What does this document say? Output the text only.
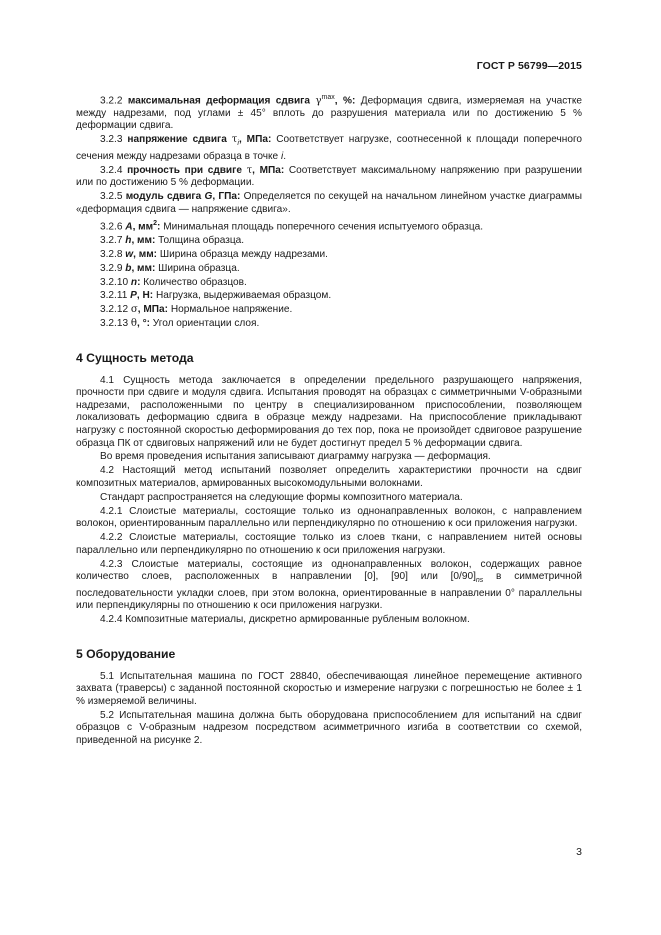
ГОСТ Р 56799—2015

3.2.2 максимальная деформация сдвига $\gamma^{max}$, %: Деформация сдвига, измеряемая на участке между надрезами, под углами ± 45° вплоть до разрушения материала или по достижению 5 % деформации сдвига.

3.2.3 напряжение сдвига $\tau_i$, МПа: Соответствует нагрузке, соотнесенной к площади поперечного сечения между надрезами образца в точке i.

3.2.4 прочность при сдвиге τ, МПа: Соответствует максимальному напряжению при разрушении или по достижению 5 % деформации.

3.2.5 модуль сдвига G, ГПа: Определяется по секущей на начальном линейном участке диаграммы «деформация сдвига — напряжение сдвига».

3.2.6 A, $мм^2$: Минимальная площадь поперечного сечения испытуемого образца.

3.2.7 h, мм: Толщина образца.

3.2.8 w, мм: Ширина образца между надрезами.

3.2.9 b, мм: Ширина образца.

3.2.10 n: Количество образцов.

3.2.11 P, Н: Нагрузка, выдерживаемая образцом.

3.2.12 σ, МПа: Нормальное напряжение.

3.2.13 θ, °: Угол ориентации слоя.

4 Сущность метода

4.1 Сущность метода заключается в определении предельного разрушающего напряжения, прочности при сдвиге и модуля сдвига. Испытания проводят на образцах с симметричными V-образными надрезами, расположенными по центру в специализированном приспособлении, позволяющем локализовать деформацию сдвига в образце между надрезами. На приспособление прикладывают нагрузку с постоянной скоростью деформирования до тех пор, пока не произойдет сдвиговое разрушение образца ПК от сдвиговых напряжений или не будет достигнут предел 5 % деформации сдвига.

Во время проведения испытания записывают диаграмму нагрузка — деформация.

4.2 Настоящий метод испытаний позволяет определить характеристики прочности на сдвиг композитных материалов, армированных высокомодульными волокнами.

Стандарт распространяется на следующие формы композитного материала.

4.2.1 Слоистые материалы, состоящие только из однонаправленных волокон, с направлением волокон, ориентированным параллельно или перпендикулярно по отношению к оси приложения нагрузки.

4.2.2 Слоистые материалы, состоящие только из слоев ткани, с направлением нитей основы параллельно или перпендикулярно по отношению к оси приложения нагрузки.

4.2.3 Слоистые материалы, состоящие из однонаправленных волокон, содержащих равное количество слоев, расположенных в направлении [0], [90] или $[0/90]_{ns}$ в симметричной последовательности укладки слоев, при этом волокна, ориентированные в направлении 0° параллельны или перпендикулярны по отношению к оси приложения нагрузки.

4.2.4 Композитные материалы, дискретно армированные рубленым волокном.

5 Оборудование

5.1 Испытательная машина по ГОСТ 28840, обеспечивающая линейное перемещение активного захвата (траверсы) с заданной постоянной скоростью и измерение нагрузки с погрешностью не более ± 1 % измеряемой величины.

5.2 Испытательная машина должна быть оборудована приспособлением для испытаний на сдвиг образцов с V-образным надрезом посредством асимметричного изгиба в соответствии со схемой, приведенной на рисунке 2.

3
